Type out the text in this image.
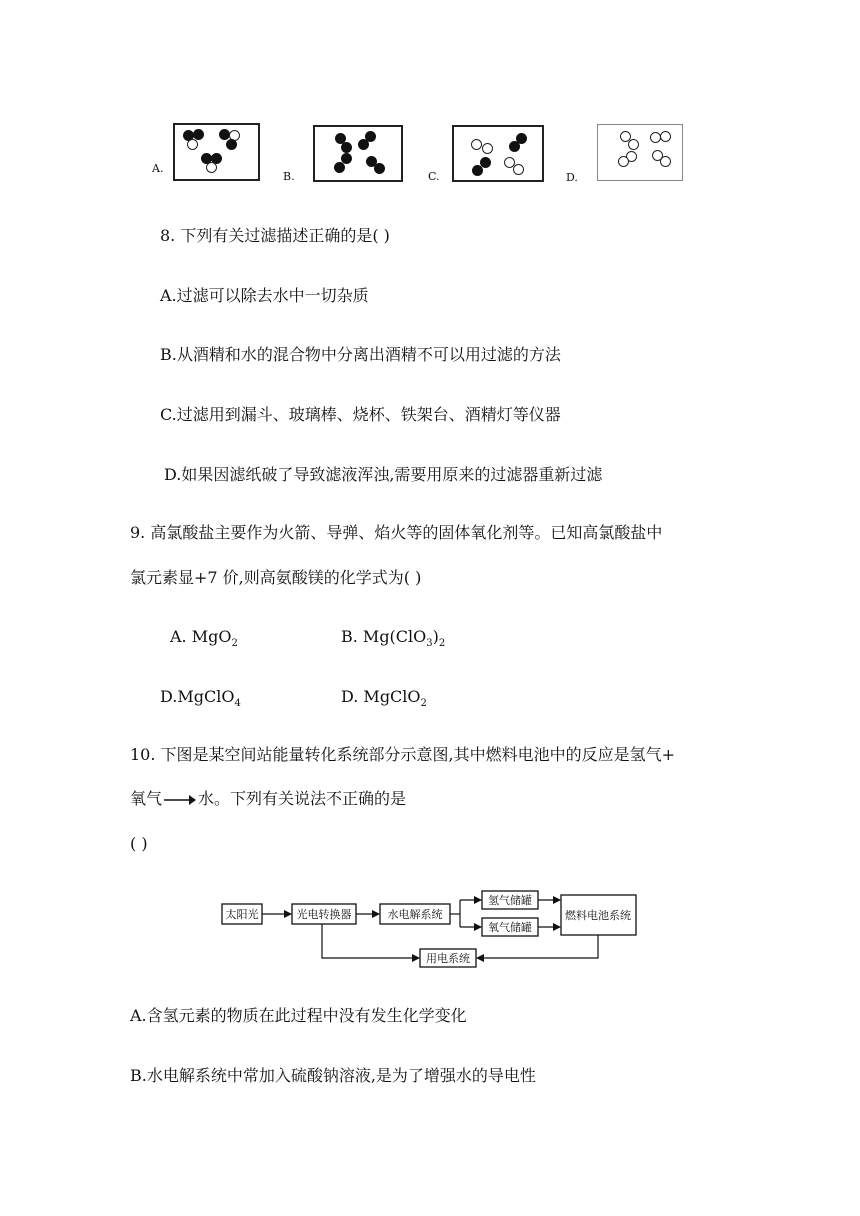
A.
B.	C.	D.
8. 下列有关过滤描述正确的是( )
A.过滤可以除去水中一切杂质
B.从酒精和水的混合物中分离出酒精不可以用过滤的方法
C.过滤用到漏斗、玻璃棒、烧杯、铁架台、酒精灯等仪器
D.如果因滤纸破了导致滤液浑浊,需要用原来的过滤器重新过滤
9. 高氯酸盐主要作为火箭、导弹、焰火等的固体氧化剂等。已知高氯酸盐中
氯元素显+7 价,则高氨酸镁的化学式为( )
A. MgO$_2$	B. $Mg(ClO_3)_2$
D.MgClO$_4$	D. MgClO$_2$
10. 下图是某空间站能量转化系统部分示意图,其中燃料电池中的反应是氢气+
氧气→水。下列有关说法不正确的是
( )
太阳光	光电转换器	水电解系统
氢气储罐
氧气储罐
燃料电池系统
用电系统
A.含氢元素的物质在此过程中没有发生化学变化
B.水电解系统中常加入硫酸钠溶液,是为了增强水的导电性
